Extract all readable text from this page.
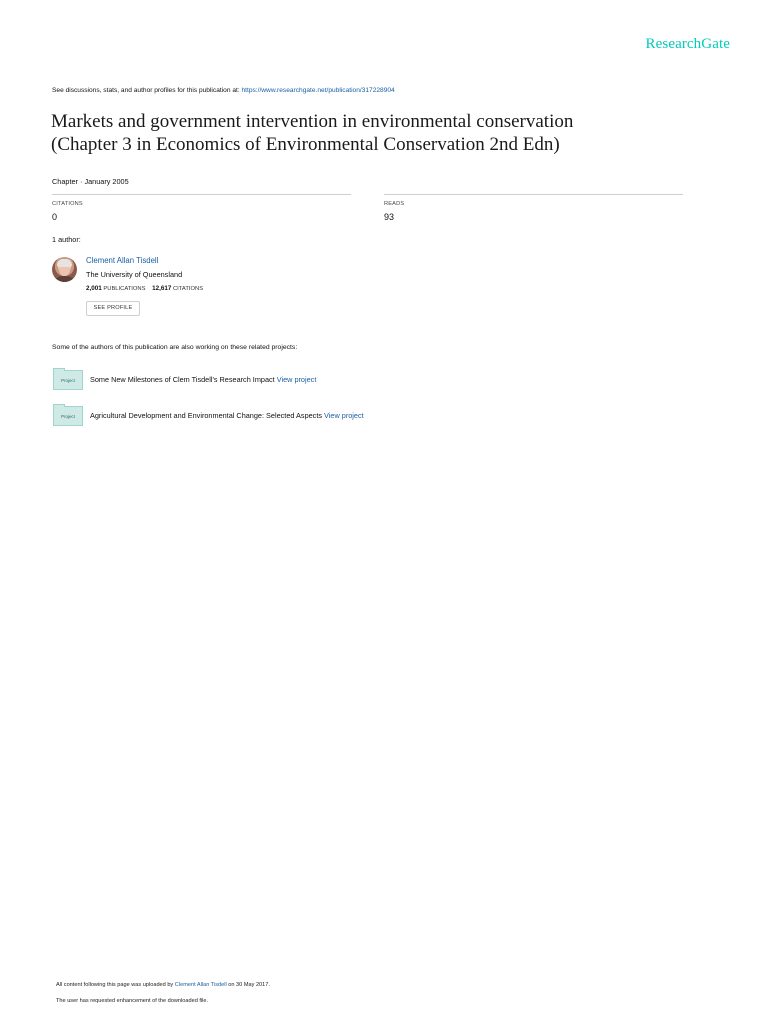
ResearchGate
See discussions, stats, and author profiles for this publication at: https://www.researchgate.net/publication/317228904
Markets and government intervention in environmental conservation
(Chapter 3 in Economics of Environmental Conservation 2nd Edn)
Chapter · January 2005
CITATIONS
0
READS
93
1 author:
Clement Allan Tisdell
The University of Queensland
2,001 PUBLICATIONS 12,617 CITATIONS
SEE PROFILE
Some of the authors of this publication are also working on these related projects:
Project	Some New Milestones of Clem Tisdell's Research Impact View project
Project	Agricultural Development and Environmental Change: Selected Aspects View project
All content following this page was uploaded by Clement Allan Tisdell on 30 May 2017.
The user has requested enhancement of the downloaded file.
